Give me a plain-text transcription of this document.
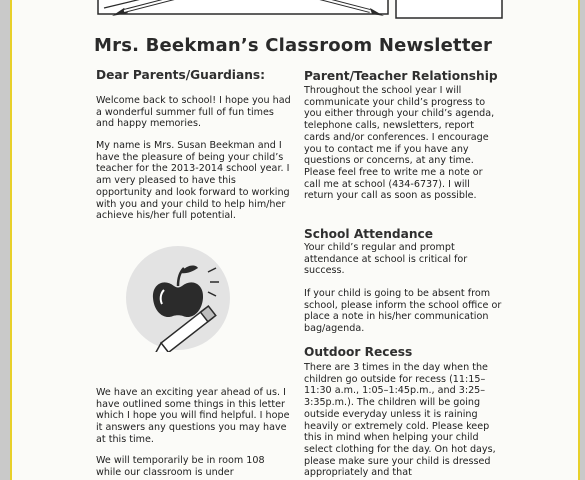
Mrs. Beekman’s Classroom Newsletter

Dear Parents/Guardians:

Welcome back to school! I hope you had a wonderful summer full of fun times and happy memories.

My name is Mrs. Susan Beekman and I have the pleasure of being your child’s teacher for the 2013-2014 school year. I am very pleased to have this opportunity and look forward to working with you and your child to help him/her achieve his/her full potential.

We have an exciting year ahead of us. I have outlined some things in this letter which I hope you will find helpful. I hope it answers any questions you may have at this time.

We will temporarily be in room 108 while our classroom is under

Parent/Teacher Relationship

Throughout the school year I will communicate your child’s progress to you either through your child’s agenda, telephone calls, newsletters, report cards and/or conferences. I encourage you to contact me if you have any questions or concerns, at any time. Please feel free to write me a note or call me at school (434-6737). I will return your call as soon as possible.

School Attendance

Your child’s regular and prompt attendance at school is critical for success.

If your child is going to be absent from school, please inform the school office or place a note in his/her communication bag/agenda.

Outdoor Recess

There are 3 times in the day when the children go outside for recess (11:15–11:30 a.m., 1:05–1:45p.m., and 3:25–3:35p.m.). The children will be going outside everyday unless it is raining heavily or extremely cold. Please keep this in mind when helping your child select clothing for the day. On hot days, please make sure your child is dressed appropriately and that
